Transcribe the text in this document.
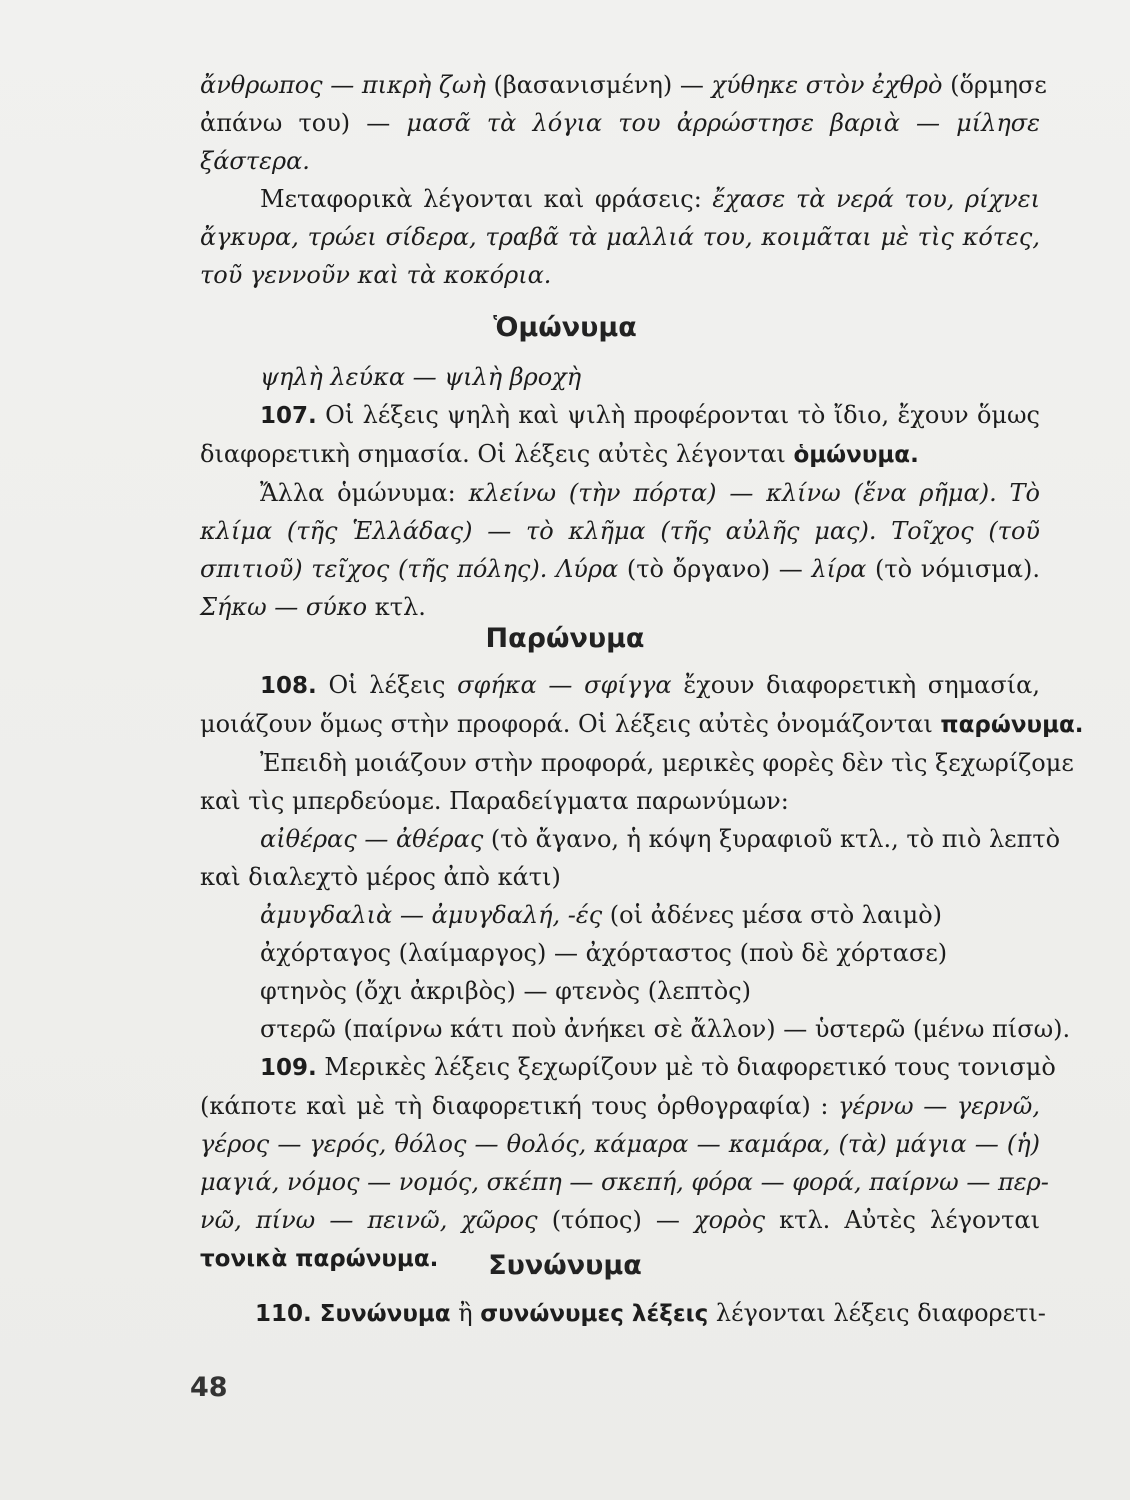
ἄνθρωπος — πικρὴ ζωὴ (βασανισμένη) — χύθηκε στὸν ἐχθρὸ (ὅρμησε
ἀπάνω του) — μασᾶ τὰ λόγια του ἀρρώστησε βαριὰ — μίλησε
ξάστερα.
Μεταφορικὰ λέγονται καὶ φράσεις: ἔχασε τὰ νερά του, ρίχνει
ἄγκυρα, τρώει σίδερα, τραβᾶ τὰ μαλλιά του, κοιμᾶται μὲ τὶς κότες,
τοῦ γεννοῦν καὶ τὰ κοκόρια.
Ὁμώνυμα
ψηλὴ λεύκα — ψιλὴ βροχὴ
107. Οἱ λέξεις ψηλὴ καὶ ψιλὴ προφέρονται τὸ ἴδιο, ἔχουν ὅμως
διαφορετικὴ σημασία. Οἱ λέξεις αὐτὲς λέγονται ὁμώνυμα.
Ἄλλα ὁμώνυμα: κλείνω (τὴν πόρτα) — κλίνω (ἕνα ρῆμα). Τὸ
κλίμα (τῆς Ἑλλάδας) — τὸ κλῆμα (τῆς αὐλῆς μας). Τοῖχος (τοῦ
σπιτιοῦ) τεῖχος (τῆς πόλης). Λύρα (τὸ ὄργανο) — λίρα (τὸ νόμισμα).
Σήκω — σύκο κτλ.
Παρώνυμα
108. Οἱ λέξεις σφήκα — σφίγγα ἔχουν διαφορετικὴ σημασία,
μοιάζουν ὅμως στὴν προφορά. Οἱ λέξεις αὐτὲς ὀνομάζονται παρώνυμα.
Ἐπειδὴ μοιάζουν στὴν προφορά, μερικὲς φορὲς δὲν τὶς ξεχωρίζομε
καὶ τὶς μπερδεύομε. Παραδείγματα παρωνύμων:
αἰθέρας — ἀθέρας (τὸ ἄγανο, ἡ κόψη ξυραφιοῦ κτλ., τὸ πιὸ λεπτὸ
καὶ διαλεχτὸ μέρος ἀπὸ κάτι)
ἀμυγδαλιὰ — ἀμυγδαλή, -ές (οἱ ἀδένες μέσα στὸ λαιμὸ)
ἀχόρταγος (λαίμαργος) — ἀχόρταστος (ποὺ δὲ χόρτασε)
φτηνὸς (ὄχι ἀκριβὸς) — φτενὸς (λεπτὸς)
στερῶ (παίρνω κάτι ποὺ ἀνήκει σὲ ἄλλον) — ὑστερῶ (μένω πίσω).
109. Μερικὲς λέξεις ξεχωρίζουν μὲ τὸ διαφορετικό τους τονισμὸ
(κάποτε καὶ μὲ τὴ διαφορετική τους ὀρθογραφία) : γέρνω — γερνῶ,
γέρος — γερός, θόλος — θολός, κάμαρα — καμάρα, (τὰ) μάγια — (ἡ)
μαγιά, νόμος — νομός, σκέπη — σκεπή, φόρα — φορά, παίρνω — περ-
νῶ, πίνω — πεινῶ, χῶρος (τόπος) — χορὸς κτλ. Αὐτὲς λέγονται
τονικὰ παρώνυμα.	Συνώνυμα
110. Συνώνυμα ἢ συνώνυμες λέξεις λέγονται λέξεις διαφορετι-
48
